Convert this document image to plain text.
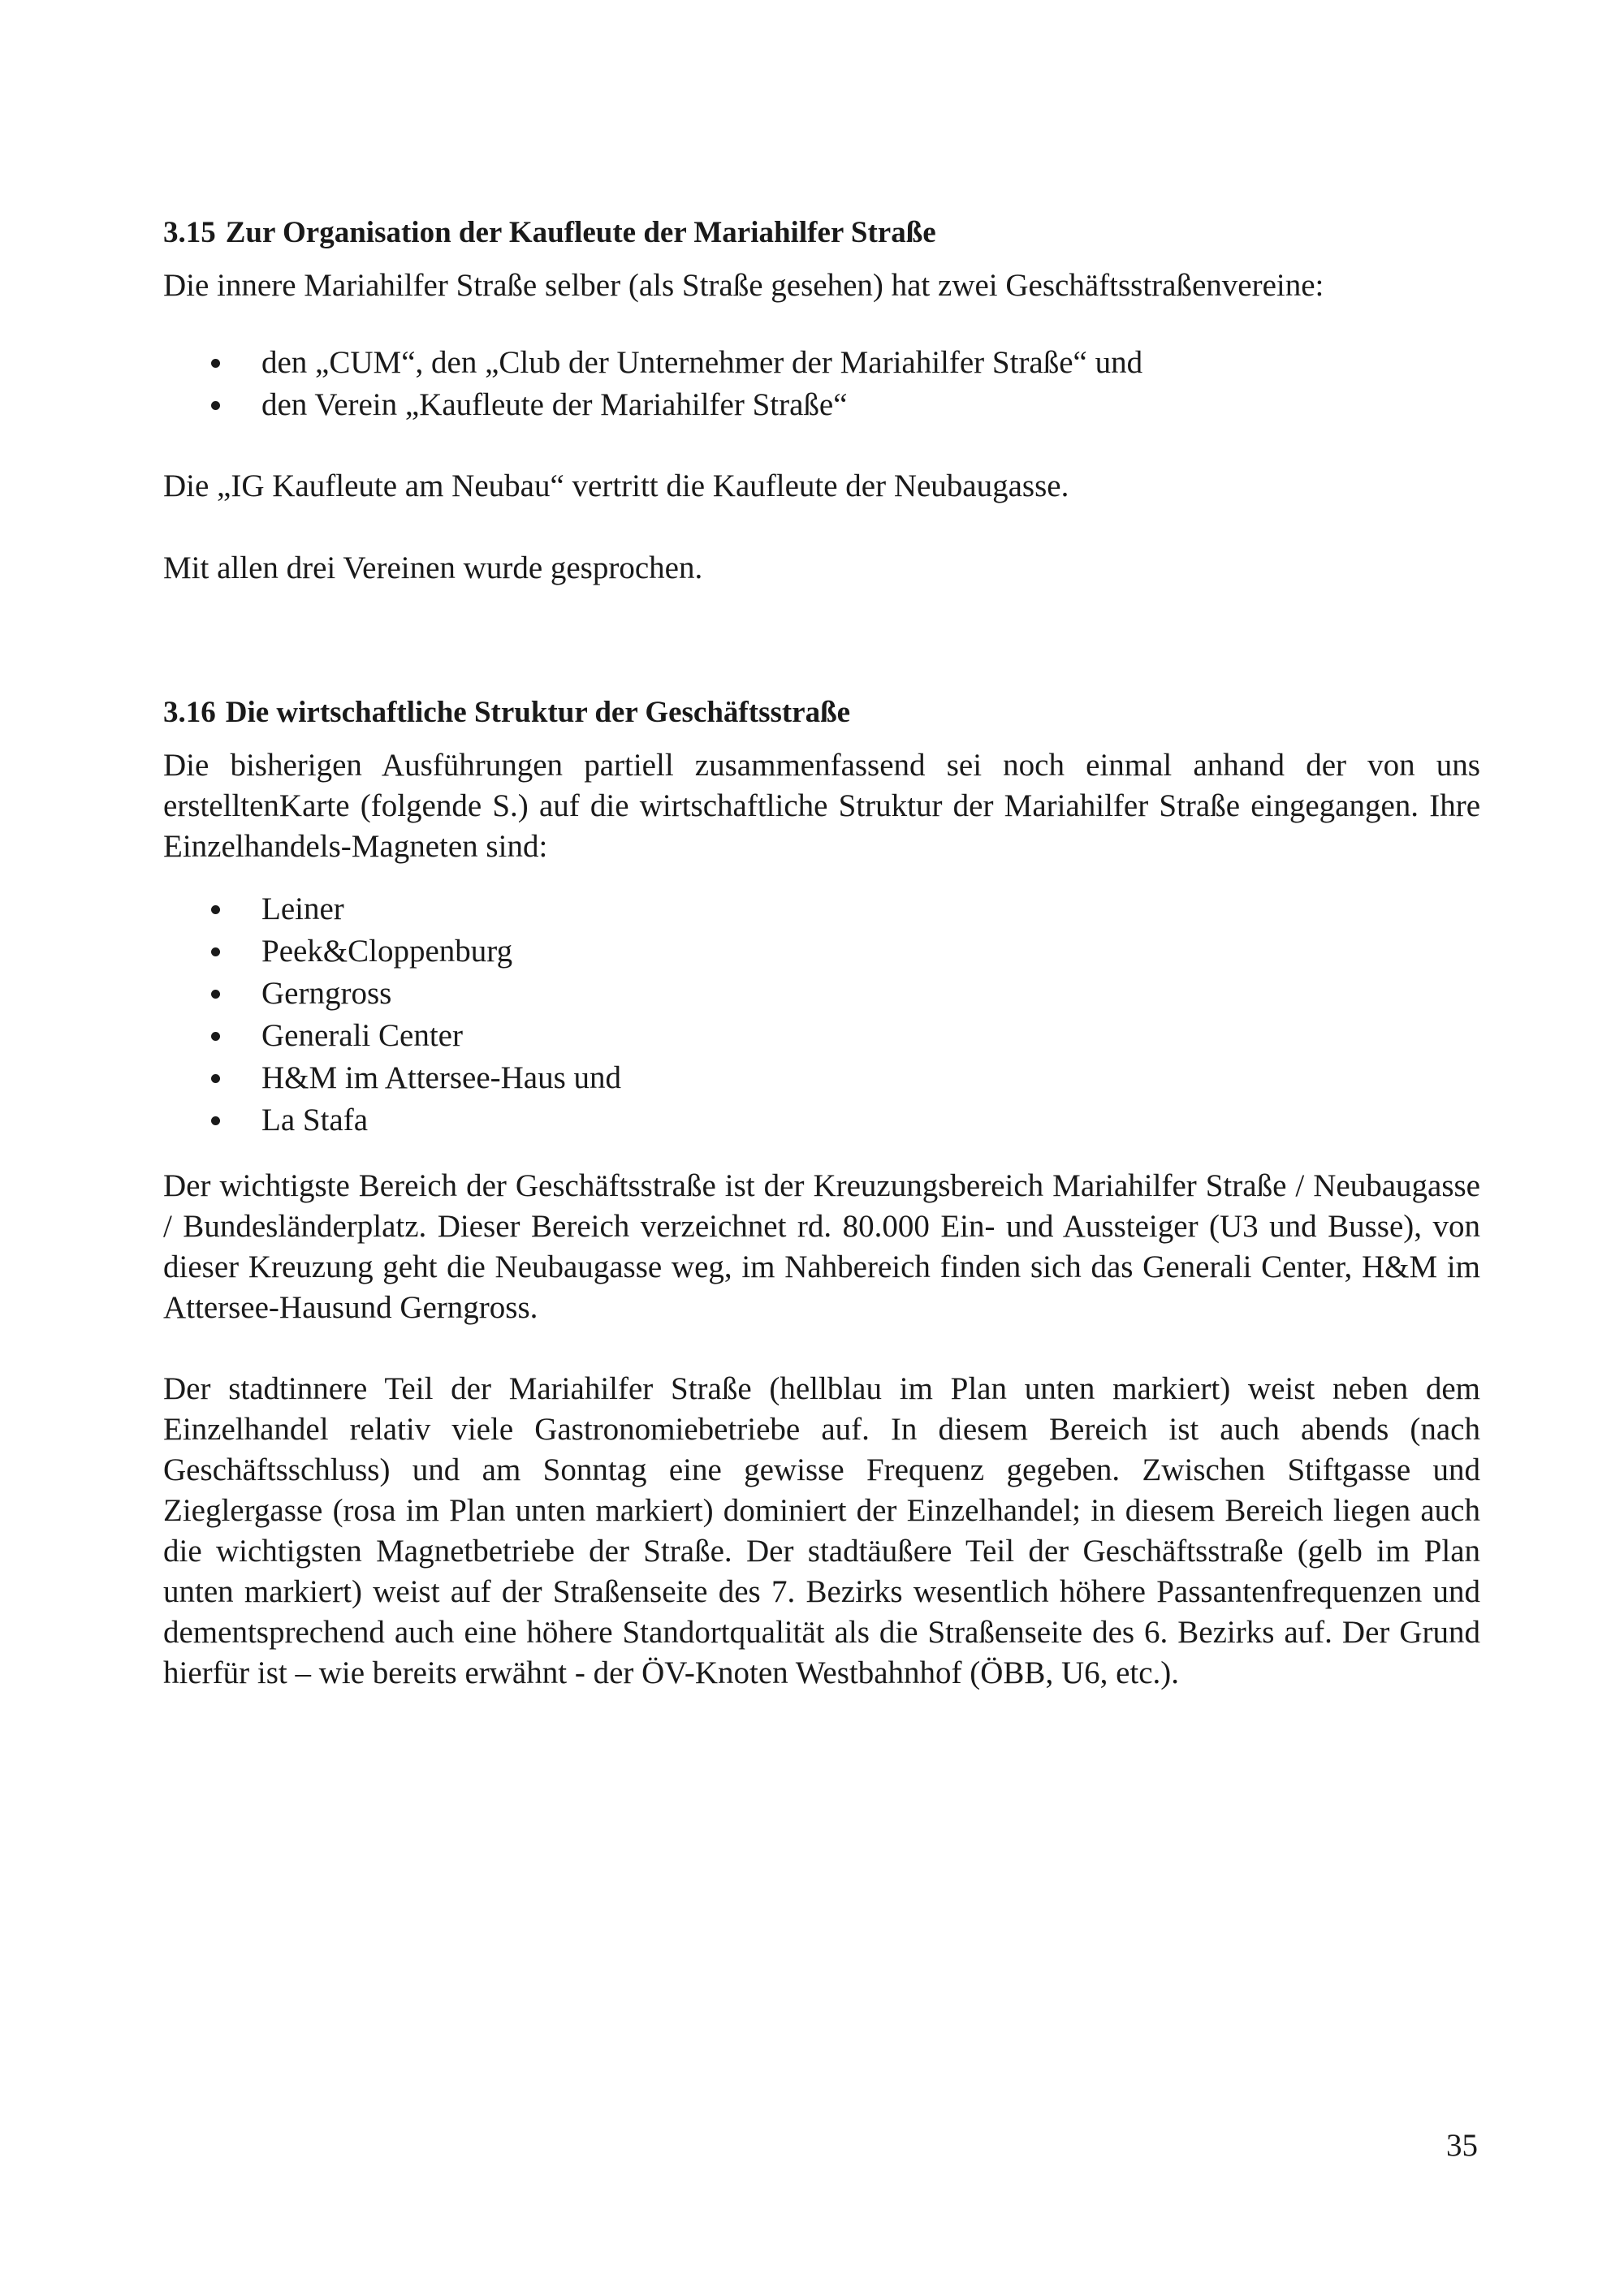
3.15 Zur Organisation der Kaufleute der Mariahilfer Straße

Die innere Mariahilfer Straße selber (als Straße gesehen) hat zwei Geschäftsstraßenvereine:

den „CUM“, den „Club der Unternehmer der Mariahilfer Straße“ und
den Verein „Kaufleute der Mariahilfer Straße“

Die „IG Kaufleute am Neubau“ vertritt die Kaufleute der Neubaugasse.

Mit allen drei Vereinen wurde gesprochen.

3.16 Die wirtschaftliche Struktur der Geschäftsstraße

Die bisherigen Ausführungen partiell zusammenfassend sei noch einmal anhand der von uns erstelltenKarte (folgende S.) auf die wirtschaftliche Struktur der Mariahilfer Straße eingegangen. Ihre Einzelhandels-Magneten sind:

Leiner
Peek&Cloppenburg
Gerngross
Generali Center
H&M im Attersee-Haus und
La Stafa

Der wichtigste Bereich der Geschäftsstraße ist der Kreuzungsbereich Mariahilfer Straße / Neubaugasse / Bundesländerplatz. Dieser Bereich verzeichnet rd. 80.000 Ein- und Aussteiger (U3 und Busse), von dieser Kreuzung geht die Neubaugasse weg, im Nahbereich finden sich das Generali Center, H&M im Attersee-Hausund Gerngross.

Der stadtinnere Teil der Mariahilfer Straße (hellblau im Plan unten markiert) weist neben dem Einzelhandel relativ viele Gastronomiebetriebe auf. In diesem Bereich ist auch abends (nach Geschäftsschluss) und am Sonntag eine gewisse Frequenz gegeben. Zwischen Stiftgasse und Zieglergasse (rosa im Plan unten markiert) dominiert der Einzelhandel; in diesem Bereich liegen auch die wichtigsten Magnetbetriebe der Straße. Der stadtäußere Teil der Geschäftsstraße (gelb im Plan unten markiert) weist auf der Straßenseite des 7. Bezirks wesentlich höhere Passantenfrequenzen und dementsprechend auch eine höhere Standortqualität als die Straßenseite des 6. Bezirks auf. Der Grund hierfür ist – wie bereits erwähnt - der ÖV-Knoten Westbahnhof (ÖBB, U6, etc.).

35
